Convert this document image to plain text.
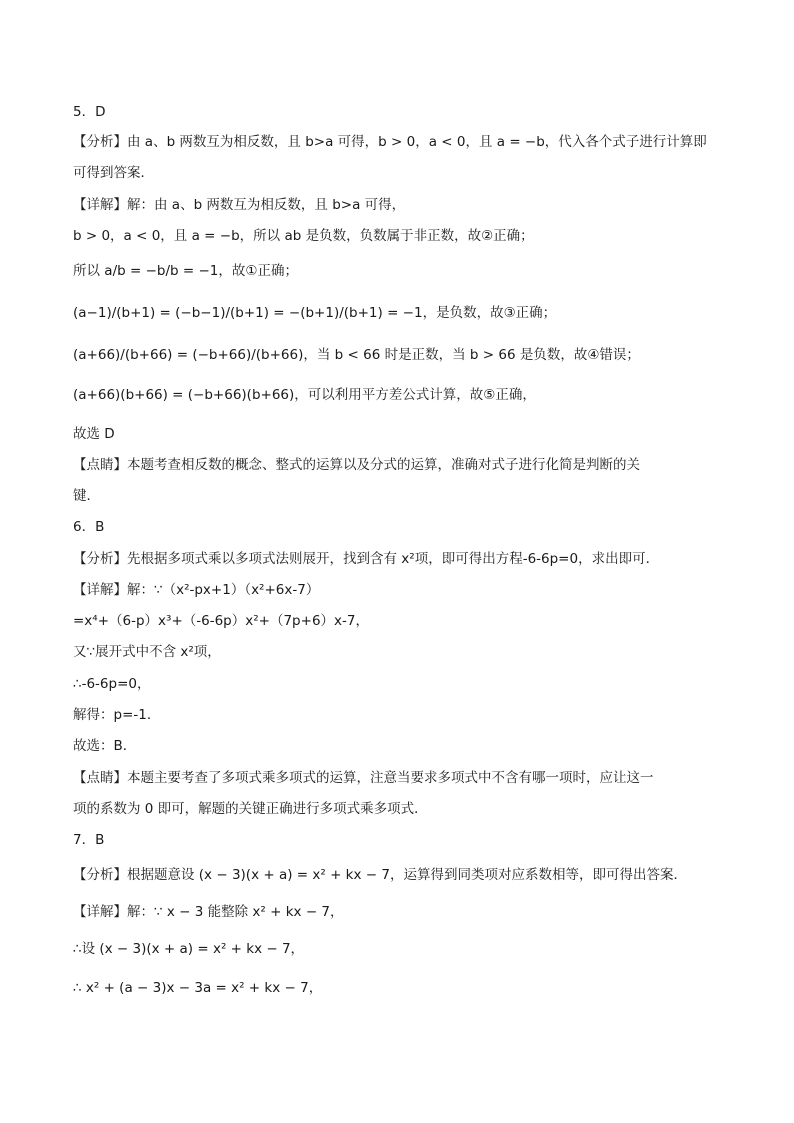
5．D
【分析】由 a、b 两数互为相反数，且 b>a 可得，b > 0，a < 0，且 a = −b，代入各个式子进行计算即
可得到答案．
【详解】解：由 a、b 两数互为相反数，且 b>a 可得，
b > 0，a < 0，且 a = −b，所以 ab 是负数，负数属于非正数，故②正确；
所以 a/b = −b/b = −1，故①正确；
(a−1)/(b+1) = (−b−1)/(b+1) = −(b+1)/(b+1) = −1，是负数，故③正确；
(a+66)/(b+66) = (−b+66)/(b+66)，当 b < 66 时是正数，当 b > 66 是负数，故④错误；
(a+66)(b+66) = (−b+66)(b+66)，可以利用平方差公式计算，故⑤正确，
故选 D
【点睛】本题考查相反数的概念、整式的运算以及分式的运算，准确对式子进行化简是判断的关
键．
6．B
【分析】先根据多项式乘以多项式法则展开，找到含有 x²项，即可得出方程-6-6p=0，求出即可．
【详解】解：∵（x²-px+1）（x²+6x-7）
=x⁴+（6-p）x³+（-6-6p）x²+（7p+6）x-7，
又∵展开式中不含 x²项，
∴-6-6p=0，
解得：p=-1．
故选：B．
【点睛】本题主要考查了多项式乘多项式的运算，注意当要求多项式中不含有哪一项时，应让这一
项的系数为 0 即可，解题的关键正确进行多项式乘多项式．
7．B
【分析】根据题意设 (x − 3)(x + a) = x² + kx − 7，运算得到同类项对应系数相等，即可得出答案．
【详解】解：∵ x − 3 能整除 x² + kx − 7，
∴设 (x − 3)(x + a) = x² + kx − 7，
∴ x² + (a − 3)x − 3a = x² + kx − 7，
